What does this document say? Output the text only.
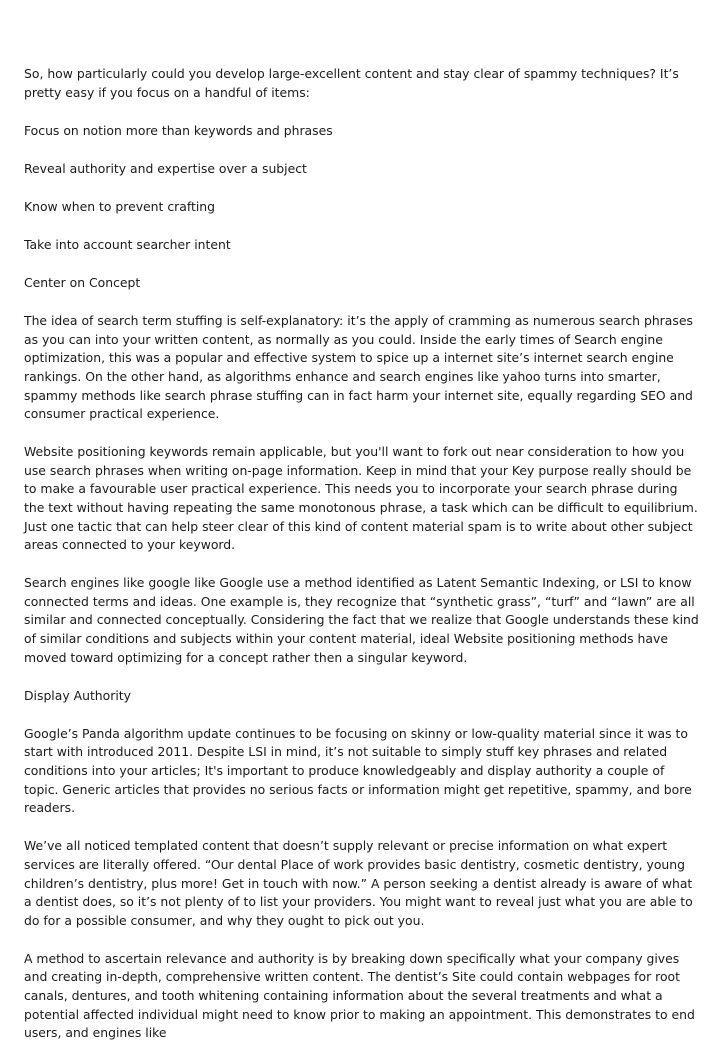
So, how particularly could you develop large-excellent content and stay clear of spammy techniques? It’s pretty easy if you focus on a handful of items:

Focus on notion more than keywords and phrases

Reveal authority and expertise over a subject

Know when to prevent crafting

Take into account searcher intent

Center on Concept

The idea of search term stuffing is self-explanatory: it’s the apply of cramming as numerous search phrases as you can into your written content, as normally as you could. Inside the early times of Search engine optimization, this was a popular and effective system to spice up a internet site’s internet search engine rankings. On the other hand, as algorithms enhance and search engines like yahoo turns into smarter, spammy methods like search phrase stuffing can in fact harm your internet site, equally regarding SEO and consumer practical experience.

Website positioning keywords remain applicable, but you'll want to fork out near consideration to how you use search phrases when writing on-page information. Keep in mind that your Key purpose really should be to make a favourable user practical experience. This needs you to incorporate your search phrase during the text without having repeating the same monotonous phrase, a task which can be difficult to equilibrium. Just one tactic that can help steer clear of this kind of content material spam is to write about other subject areas connected to your keyword.

Search engines like google like Google use a method identified as Latent Semantic Indexing, or LSI to know connected terms and ideas. One example is, they recognize that “synthetic grass”, “turf” and “lawn” are all similar and connected conceptually. Considering the fact that we realize that Google understands these kind of similar conditions and subjects within your content material, ideal Website positioning methods have moved toward optimizing for a concept rather then a singular keyword.

Display Authority

Google’s Panda algorithm update continues to be focusing on skinny or low-quality material since it was to start with introduced 2011. Despite LSI in mind, it’s not suitable to simply stuff key phrases and related conditions into your articles; It's important to produce knowledgeably and display authority a couple of topic. Generic articles that provides no serious facts or information might get repetitive, spammy, and bore readers.

We’ve all noticed templated content that doesn’t supply relevant or precise information on what expert services are literally offered. “Our dental Place of work provides basic dentistry, cosmetic dentistry, young children’s dentistry, plus more! Get in touch with now.” A person seeking a dentist already is aware of what a dentist does, so it’s not plenty of to list your providers. You might want to reveal just what you are able to do for a possible consumer, and why they ought to pick out you.

A method to ascertain relevance and authority is by breaking down specifically what your company gives and creating in-depth, comprehensive written content. The dentist’s Site could contain webpages for root canals, dentures, and tooth whitening containing information about the several treatments and what a potential affected individual might need to know prior to making an appointment. This demonstrates to end users, and engines like
